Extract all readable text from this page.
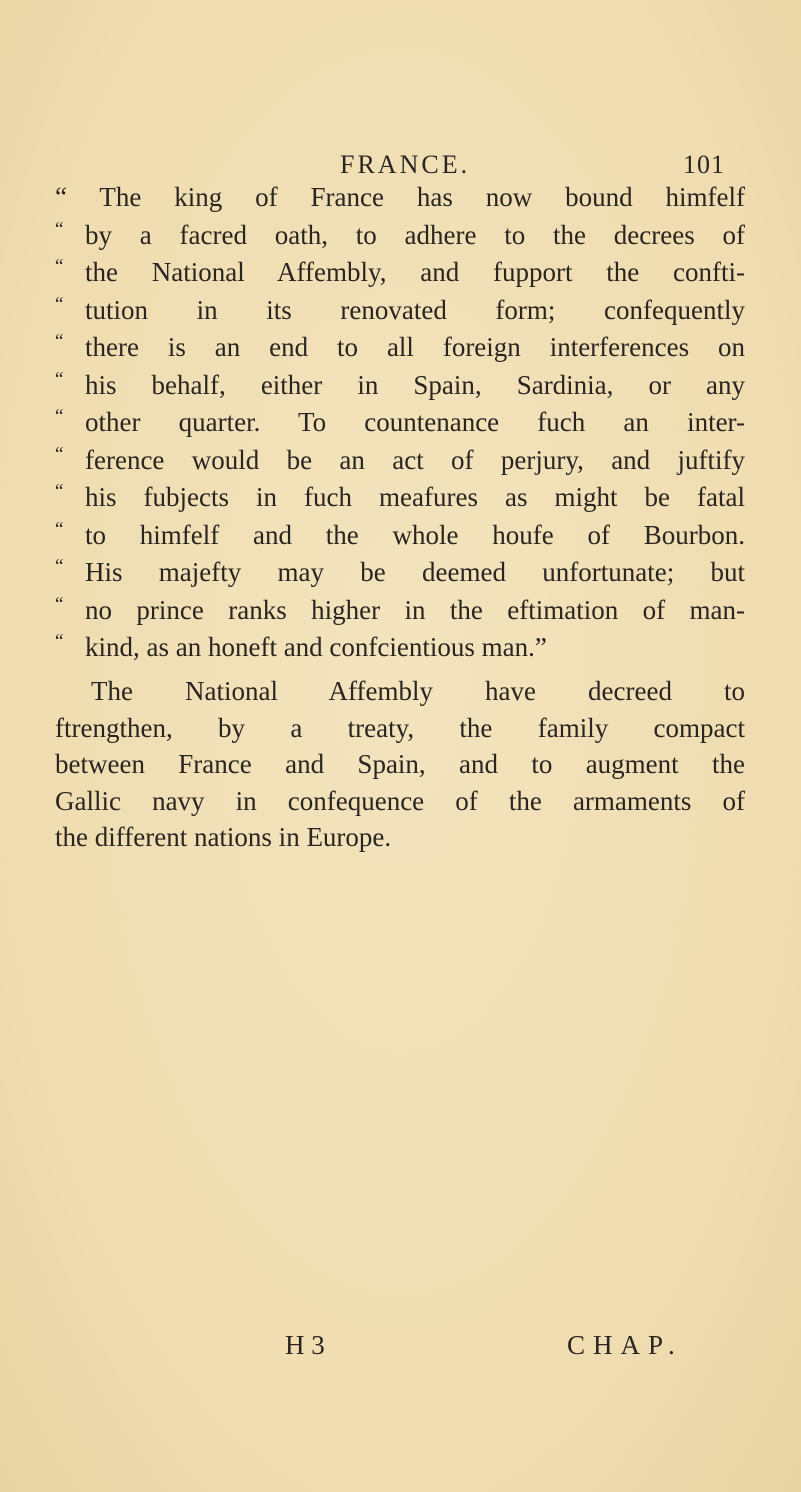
FRANCE.	101
“ The king of France has now bound himfelf
“ by a facred oath, to adhere to the decrees of
“ the National Affembly, and fupport the confti-
“ tution in its renovated form; confequently
“ there is an end to all foreign interferences on
“ his behalf, either in Spain, Sardinia, or any
“ other quarter. To countenance fuch an inter-
“ ference would be an act of perjury, and juftify
“ his fubjects in fuch meafures as might be fatal
“ to himfelf and the whole houfe of Bourbon.
“ His majefty may be deemed unfortunate; but
“ no prince ranks higher in the eftimation of man-
“ kind, as an honeft and confcientious man.”
The National Affembly have decreed to
ftrengthen, by a treaty, the family compact
between France and Spain, and to augment the
Gallic navy in confequence of the armaments of
the different nations in Europe.
H 3	CHAP.
